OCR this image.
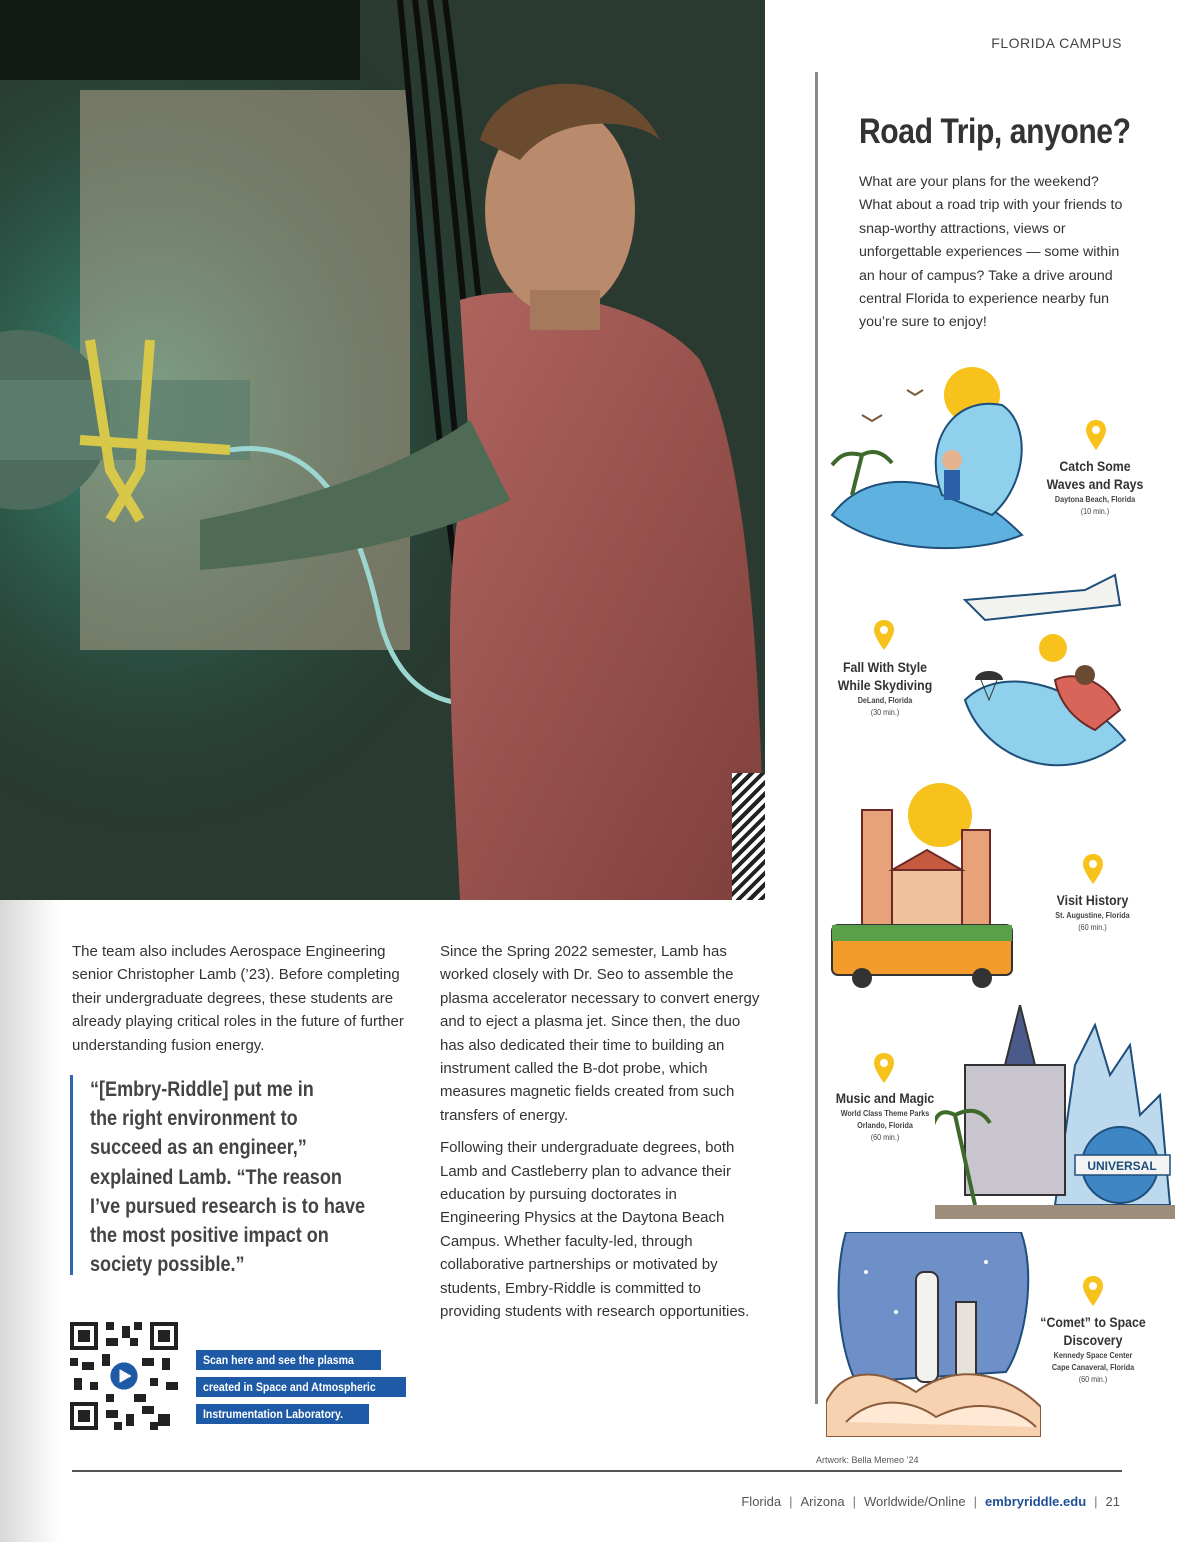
FLORIDA CAMPUS
Road Trip, anyone?
What are your plans for the weekend? What about a road trip with your friends to snap-worthy attractions, views or unforgettable experiences — some within an hour of campus? Take a drive around central Florida to experience nearby fun you’re sure to enjoy!
Catch Some
Waves and Rays
Daytona Beach, Florida
(10 min.)
Fall With Style
While Skydiving
DeLand, Florida
(30 min.)
Visit History
St. Augustine, Florida
(60 min.)
UNIVERSAL
Music and Magic
World Class Theme Parks
Orlando, Florida
(60 min.)
“Comet” to Space
Discovery
Kennedy Space Center
Cape Canaveral, Florida
(60 min.)
Artwork: Bella Memeo ’24

The team also includes Aerospace Engineering senior Christopher Lamb (’23). Before completing their undergraduate degrees, these students are already playing critical roles in the future of further understanding fusion energy.

“[Embry-Riddle] put me in
the right environment to
succeed as an engineer,”
explained Lamb. “The reason
I’ve pursued research is to have
the most positive impact on
society possible.”

Since the Spring 2022 semester, Lamb has worked closely with Dr. Seo to assemble the plasma accelerator necessary to convert energy and to eject a plasma jet. Since then, the duo has also dedicated their time to building an instrument called the B-dot probe, which measures magnetic fields created from such transfers of energy.

Following their undergraduate degrees, both Lamb and Castleberry plan to advance their education by pursuing doctorates in Engineering Physics at the Daytona Beach Campus. Whether faculty-led, through collaborative partnerships or motivated by students, Embry-Riddle is committed to providing students with research opportunities.

Scan here and see the plasma
created in Space and Atmospheric
Instrumentation Laboratory.
Florida | Arizona | Worldwide/Online | embryriddle.edu | 21
